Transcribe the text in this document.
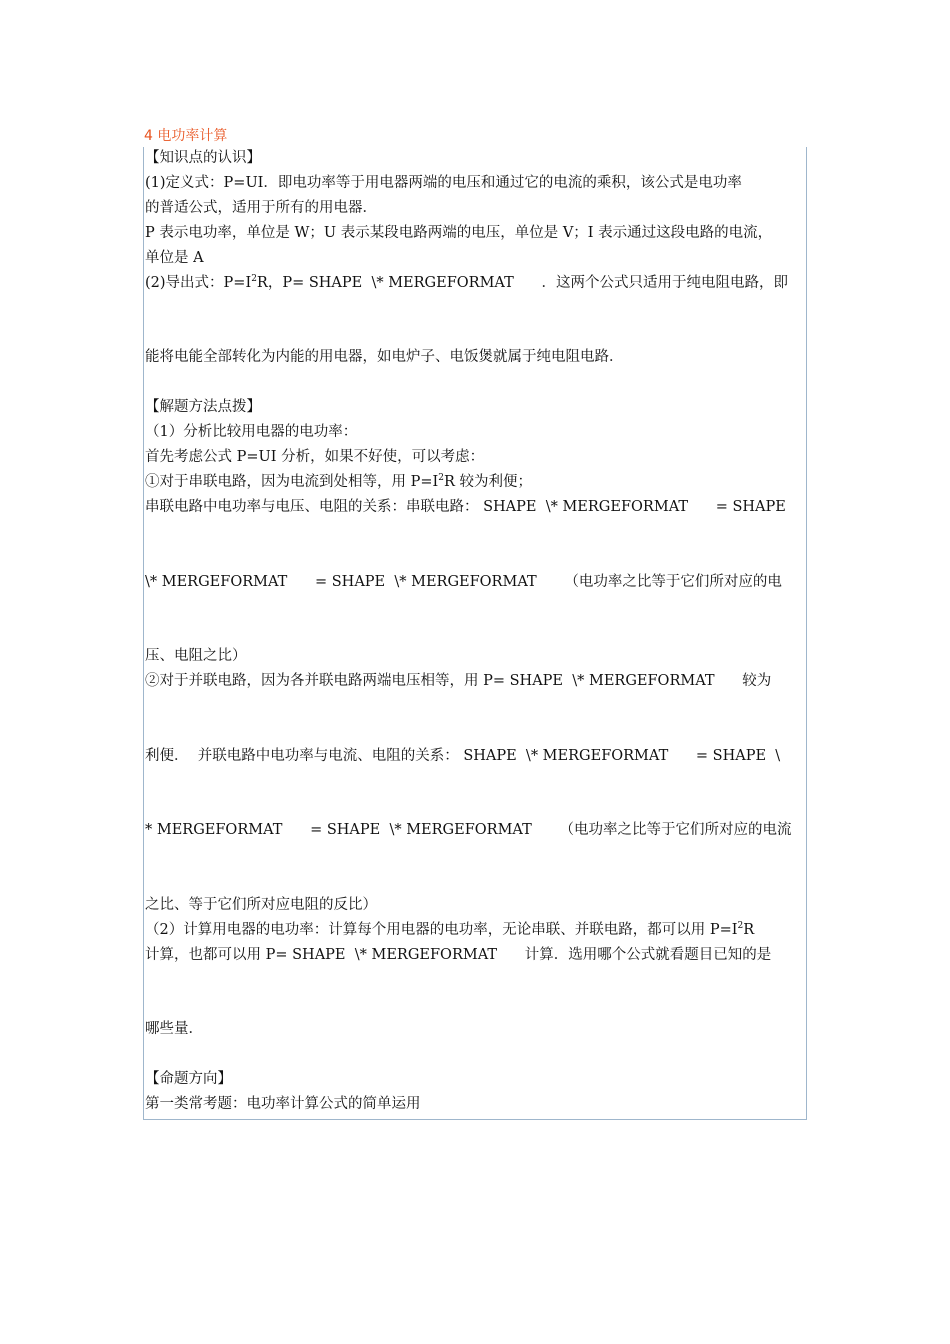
4 电功率计算
【知识点的认识】
(1)定义式：P=UI．即电功率等于用电器两端的电压和通过它的电流的乘积，该公式是电功率
的普适公式，适用于所有的用电器．
P 表示电功率，单位是 W；U 表示某段电路两端的电压，单位是 V；I 表示通过这段电路的电流，
单位是 A
(2)导出式：$P=I^2R$，P= SHAPE  \* MERGEFORMAT      ．这两个公式只适用于纯电阻电路，即
能将电能全部转化为内能的用电器，如电炉子、电饭煲就属于纯电阻电路．
【解题方法点拨】
（1）分析比较用电器的电功率：
首先考虑公式 P=UI 分析，如果不好使，可以考虑：
①对于串联电路，因为电流到处相等，用 $P=I^2R$ 较为利便；
串联电路中电功率与电压、电阻的关系：串联电路： SHAPE  \* MERGEFORMAT      = SHAPE
\* MERGEFORMAT      = SHAPE  \* MERGEFORMAT      （电功率之比等于它们所对应的电
压、电阻之比）
②对于并联电路，因为各并联电路两端电压相等，用 P= SHAPE  \* MERGEFORMAT      较为
利便．  并联电路中电功率与电流、电阻的关系： SHAPE  \* MERGEFORMAT      = SHAPE  \
* MERGEFORMAT      = SHAPE  \* MERGEFORMAT      （电功率之比等于它们所对应的电流
之比、等于它们所对应电阻的反比）
（2）计算用电器的电功率：计算每个用电器的电功率，无论串联、并联电路，都可以用 $P=I^2R$
计算，也都可以用 P= SHAPE  \* MERGEFORMAT      计算．选用哪个公式就看题目已知的是
哪些量．
【命题方向】
第一类常考题：电功率计算公式的简单运用
